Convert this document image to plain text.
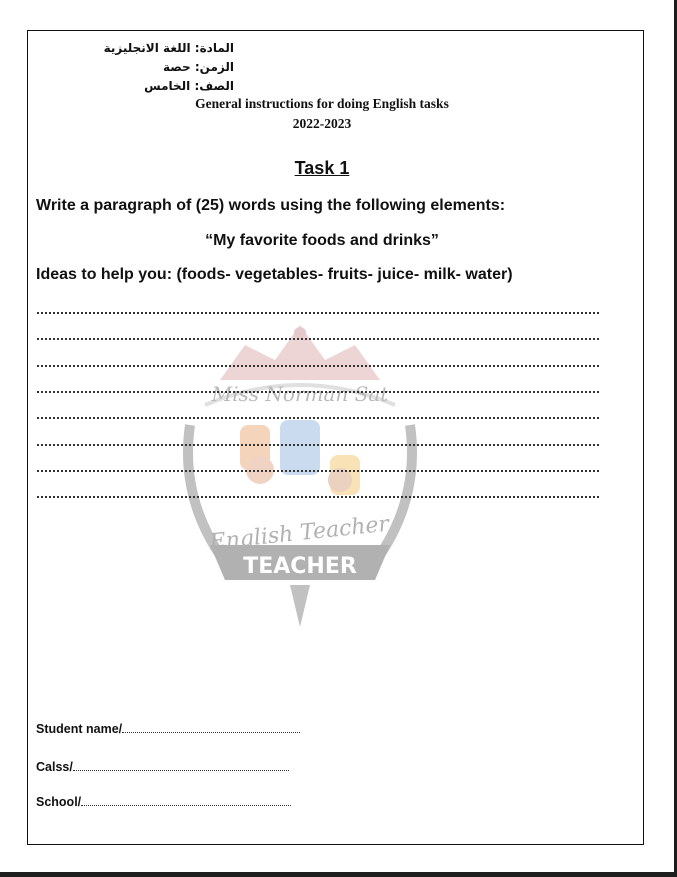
المادة: اللغة الانجليزية
الزمن: حصة
الصف: الخامس
General instructions for doing English tasks
2022-2023
Miss Norman Sat
English Teacher
TEACHER
Task 1
Write a paragraph of (25) words using the following elements:
“My favorite foods and drinks”
Ideas to help you: (foods- vegetables- fruits- juice- milk- water)
Student name/
Calss/
School/
